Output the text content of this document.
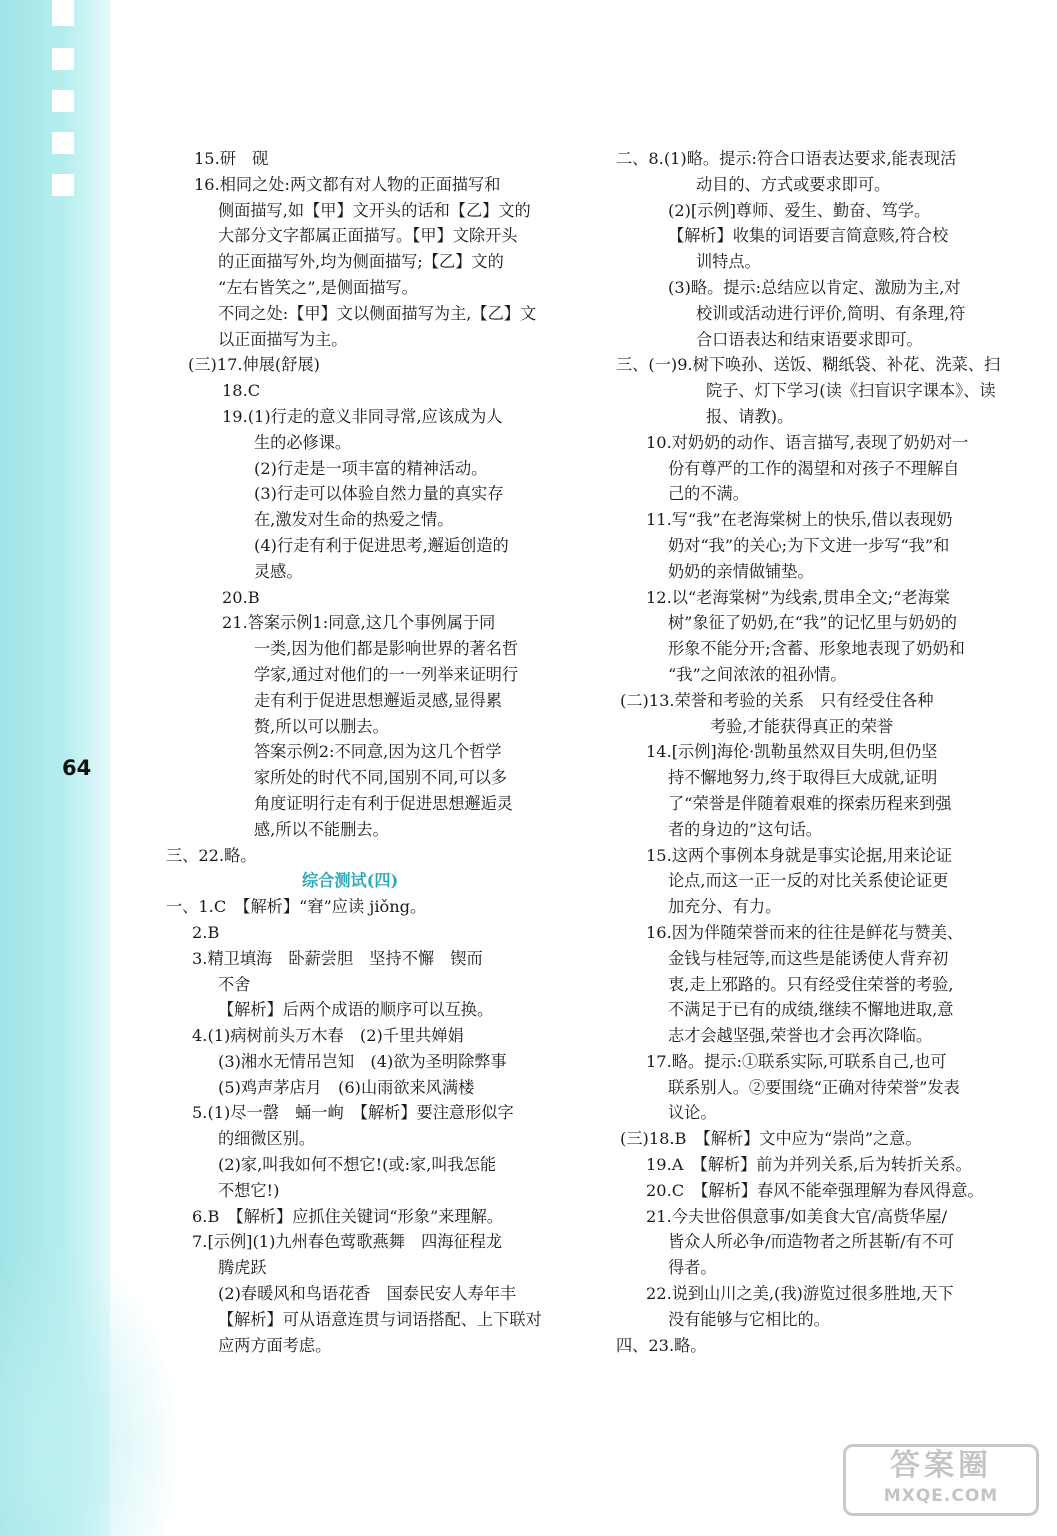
64
15.研　砚
16.相同之处:两文都有对人物的正面描写和
侧面描写,如【甲】文开头的话和【乙】文的
大部分文字都属正面描写。【甲】文除开头
的正面描写外,均为侧面描写;【乙】文的
“左右皆笑之”,是侧面描写。
不同之处:【甲】文以侧面描写为主,【乙】文
以正面描写为主。
(三)17.伸展(舒展)
18.C
19.(1)行走的意义非同寻常,应该成为人
生的必修课。
(2)行走是一项丰富的精神活动。
(3)行走可以体验自然力量的真实存
在,激发对生命的热爱之情。
(4)行走有利于促进思考,邂逅创造的
灵感。
20.B
21.答案示例1:同意,这几个事例属于同
一类,因为他们都是影响世界的著名哲
学家,通过对他们的一一列举来证明行
走有利于促进思想邂逅灵感,显得累
赘,所以可以删去。
答案示例2:不同意,因为这几个哲学
家所处的时代不同,国别不同,可以多
角度证明行走有利于促进思想邂逅灵
感,所以不能删去。
三、22.略。
综合测试(四)
一、1.C　【解析】“窘”应读 jiǒng。
2.B
3.精卫填海　卧薪尝胆　坚持不懈　锲而
不舍
【解析】后两个成语的顺序可以互换。
4.(1)病树前头万木春　(2)千里共婵娟
(3)湘水无情吊岂知　(4)欲为圣明除弊事
(5)鸡声茅店月　(6)山雨欲来风满楼
5.(1)尽一罄　蛹一峋　【解析】要注意形似字
的细微区别。
(2)家,叫我如何不想它!(或:家,叫我怎能
不想它!)
6.B　【解析】应抓住关键词“形象”来理解。
7.[示例](1)九州春色莺歌燕舞　四海征程龙
腾虎跃
(2)春暖风和鸟语花香　国泰民安人寿年丰
【解析】可从语意连贯与词语搭配、上下联对
应两方面考虑。
二、8.(1)略。提示:符合口语表达要求,能表现活
动目的、方式或要求即可。
(2)[示例]尊师、爱生、勤奋、笃学。
【解析】收集的词语要言简意赅,符合校
训特点。
(3)略。提示:总结应以肯定、激励为主,对
校训或活动进行评价,简明、有条理,符
合口语表达和结束语要求即可。
三、(一)9.树下唤孙、送饭、糊纸袋、补花、洗菜、扫
院子、灯下学习(读《扫盲识字课本》、读
报、请教)。
10.对奶奶的动作、语言描写,表现了奶奶对一
份有尊严的工作的渴望和对孩子不理解自
己的不满。
11.写“我”在老海棠树上的快乐,借以表现奶
奶对“我”的关心;为下文进一步写“我”和
奶奶的亲情做铺垫。
12.以“老海棠树”为线索,贯串全文;“老海棠
树”象征了奶奶,在“我”的记忆里与奶奶的
形象不能分开;含蓄、形象地表现了奶奶和
“我”之间浓浓的祖孙情。
(二)13.荣誉和考验的关系　只有经受住各种
考验,才能获得真正的荣誉
14.[示例]海伦·凯勒虽然双目失明,但仍坚
持不懈地努力,终于取得巨大成就,证明
了“荣誉是伴随着艰难的探索历程来到强
者的身边的”这句话。
15.这两个事例本身就是事实论据,用来论证
论点,而这一正一反的对比关系使论证更
加充分、有力。
16.因为伴随荣誉而来的往往是鲜花与赞美、
金钱与桂冠等,而这些是能诱使人背弃初
衷,走上邪路的。只有经受住荣誉的考验,
不满足于已有的成绩,继续不懈地进取,意
志才会越坚强,荣誉也才会再次降临。
17.略。提示:①联系实际,可联系自己,也可
联系别人。②要围绕“正确对待荣誉”发表
议论。
(三)18.B　【解析】文中应为“崇尚”之意。
19.A　【解析】前为并列关系,后为转折关系。
20.C　【解析】春风不能牵强理解为春风得意。
21.今夫世俗倶意事/如美食大官/高赀华屋/
皆众人所必争/而造物者之所甚靳/有不可
得者。
22.说到山川之美,(我)游览过很多胜地,天下
没有能够与它相比的。
四、23.略。
答案圈
MXQE.COM
